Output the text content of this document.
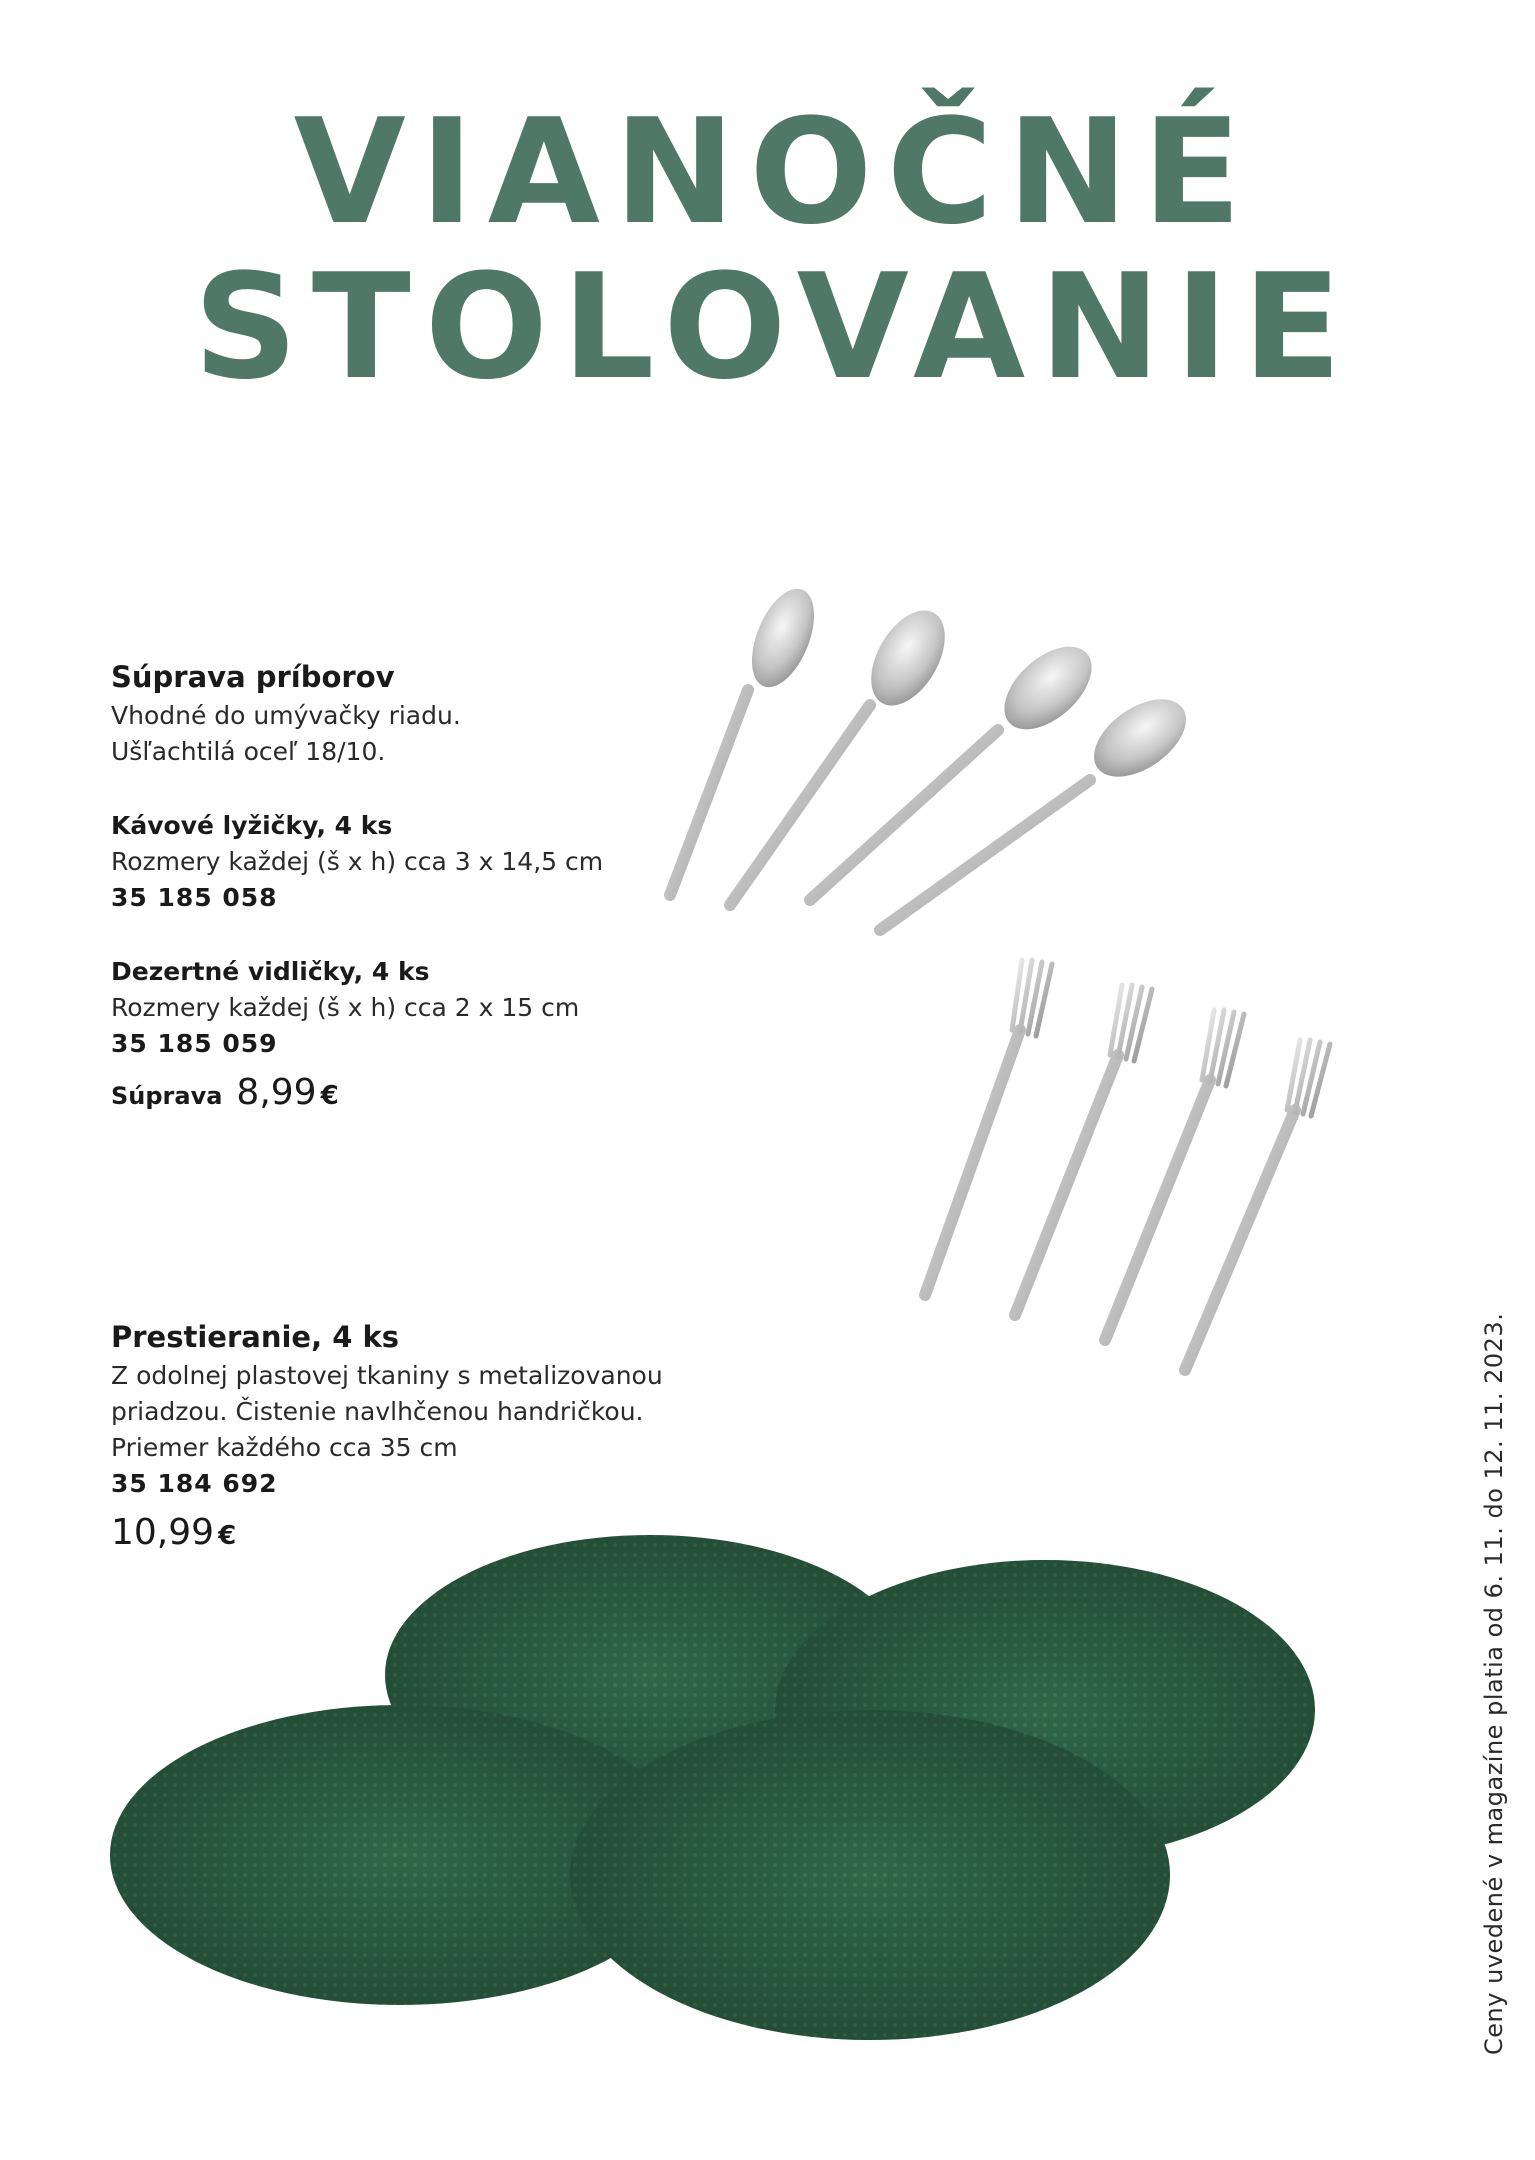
VIANOČNÉ
STOLOVANIE

Súprava príborov

Vhodné do umývačky riadu.

Ušľachtilá oceľ 18/10.

Kávové lyžičky, 4 ks

Rozmery každej (š x h) cca 3 x 14,5 cm

35 185 058

Dezertné vidličky, 4 ks

Rozmery každej (š x h) cca 2 x 15 cm

35 185 059

Súprava 8,99 €

Prestieranie, 4 ks

Z odolnej plastovej tkaniny s metalizovanou

priadzou. Čistenie navlhčenou handričkou.

Priemer každého cca 35 cm

35 184 692

10,99 €	Ceny uvedené v magazíne platia od 6. 11. do 12. 11. 2023.
